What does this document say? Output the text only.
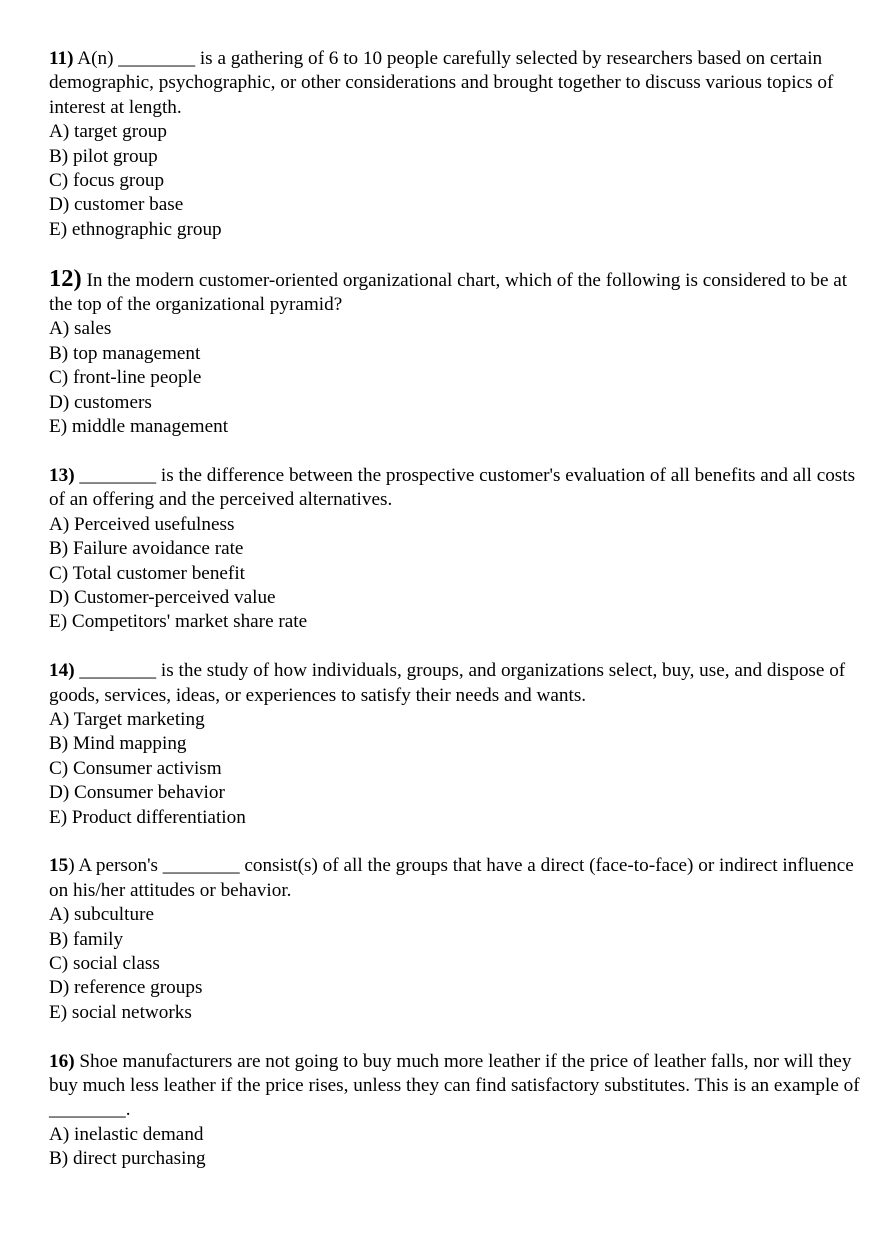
11) A(n) ________ is a gathering of 6 to 10 people carefully selected by researchers based on certain demographic, psychographic, or other considerations and brought together to discuss various topics of interest at length.

A) target group
B) pilot group
C) focus group
D) customer base
E) ethnographic group

12) In the modern customer-oriented organizational chart, which of the following is considered to be at the top of the organizational pyramid?

A) sales
B) top management
C) front-line people
D) customers
E) middle management

13) ________ is the difference between the prospective customer's evaluation of all benefits and all costs of an offering and the perceived alternatives.

A) Perceived usefulness
B) Failure avoidance rate
C) Total customer benefit
D) Customer-perceived value
E) Competitors' market share rate

14) ________ is the study of how individuals, groups, and organizations select, buy, use, and dispose of goods, services, ideas, or experiences to satisfy their needs and wants.

A) Target marketing
B) Mind mapping
C) Consumer activism
D) Consumer behavior
E) Product differentiation

15) A person's ________ consist(s) of all the groups that have a direct (face-to-face) or indirect influence on his/her attitudes or behavior.

A) subculture
B) family
C) social class
D) reference groups
E) social networks

16) Shoe manufacturers are not going to buy much more leather if the price of leather falls, nor will they buy much less leather if the price rises, unless they can find satisfactory substitutes. This is an example of ________.

A) inelastic demand
B) direct purchasing
